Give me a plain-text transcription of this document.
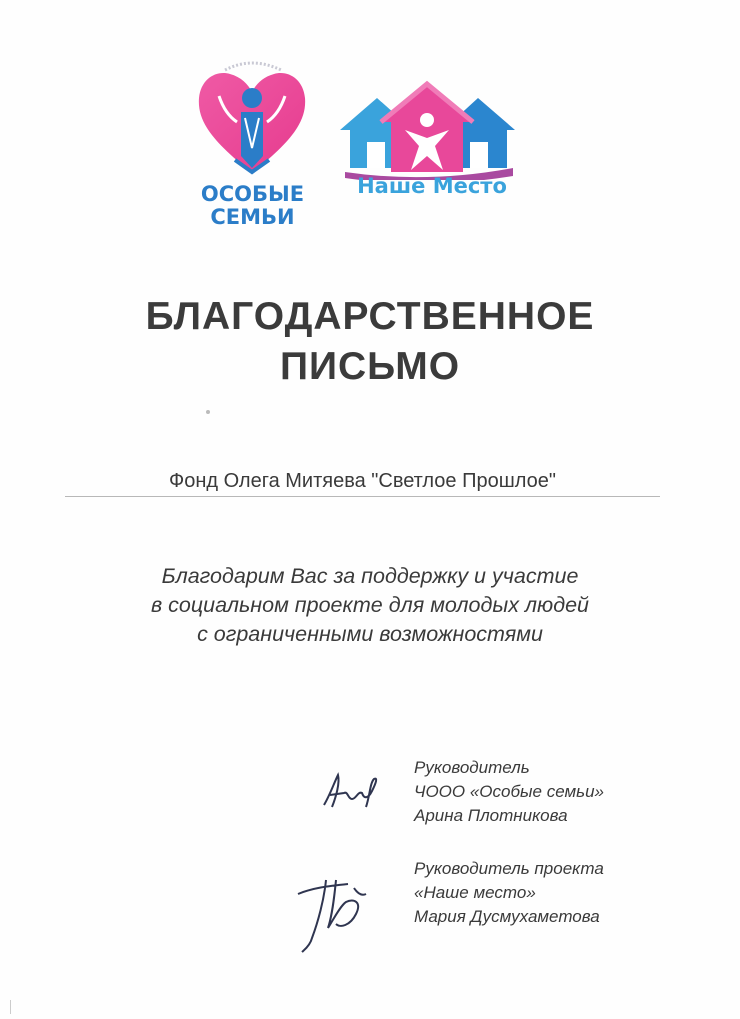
ОСОБЫЕ
СЕМЬИ
Наше Место
БЛАГОДАРСТВЕННОЕ
ПИСЬМО
Фонд Олега Митяева "Светлое Прошлое"
Благодарим Вас за поддержку и участие
в социальном проекте для молодых людей
с ограниченными возможностями
Руководитель
ЧООО «Особые семьи»
Арина Плотникова
Руководитель проекта
«Наше место»
Мария Дусмухаметова
